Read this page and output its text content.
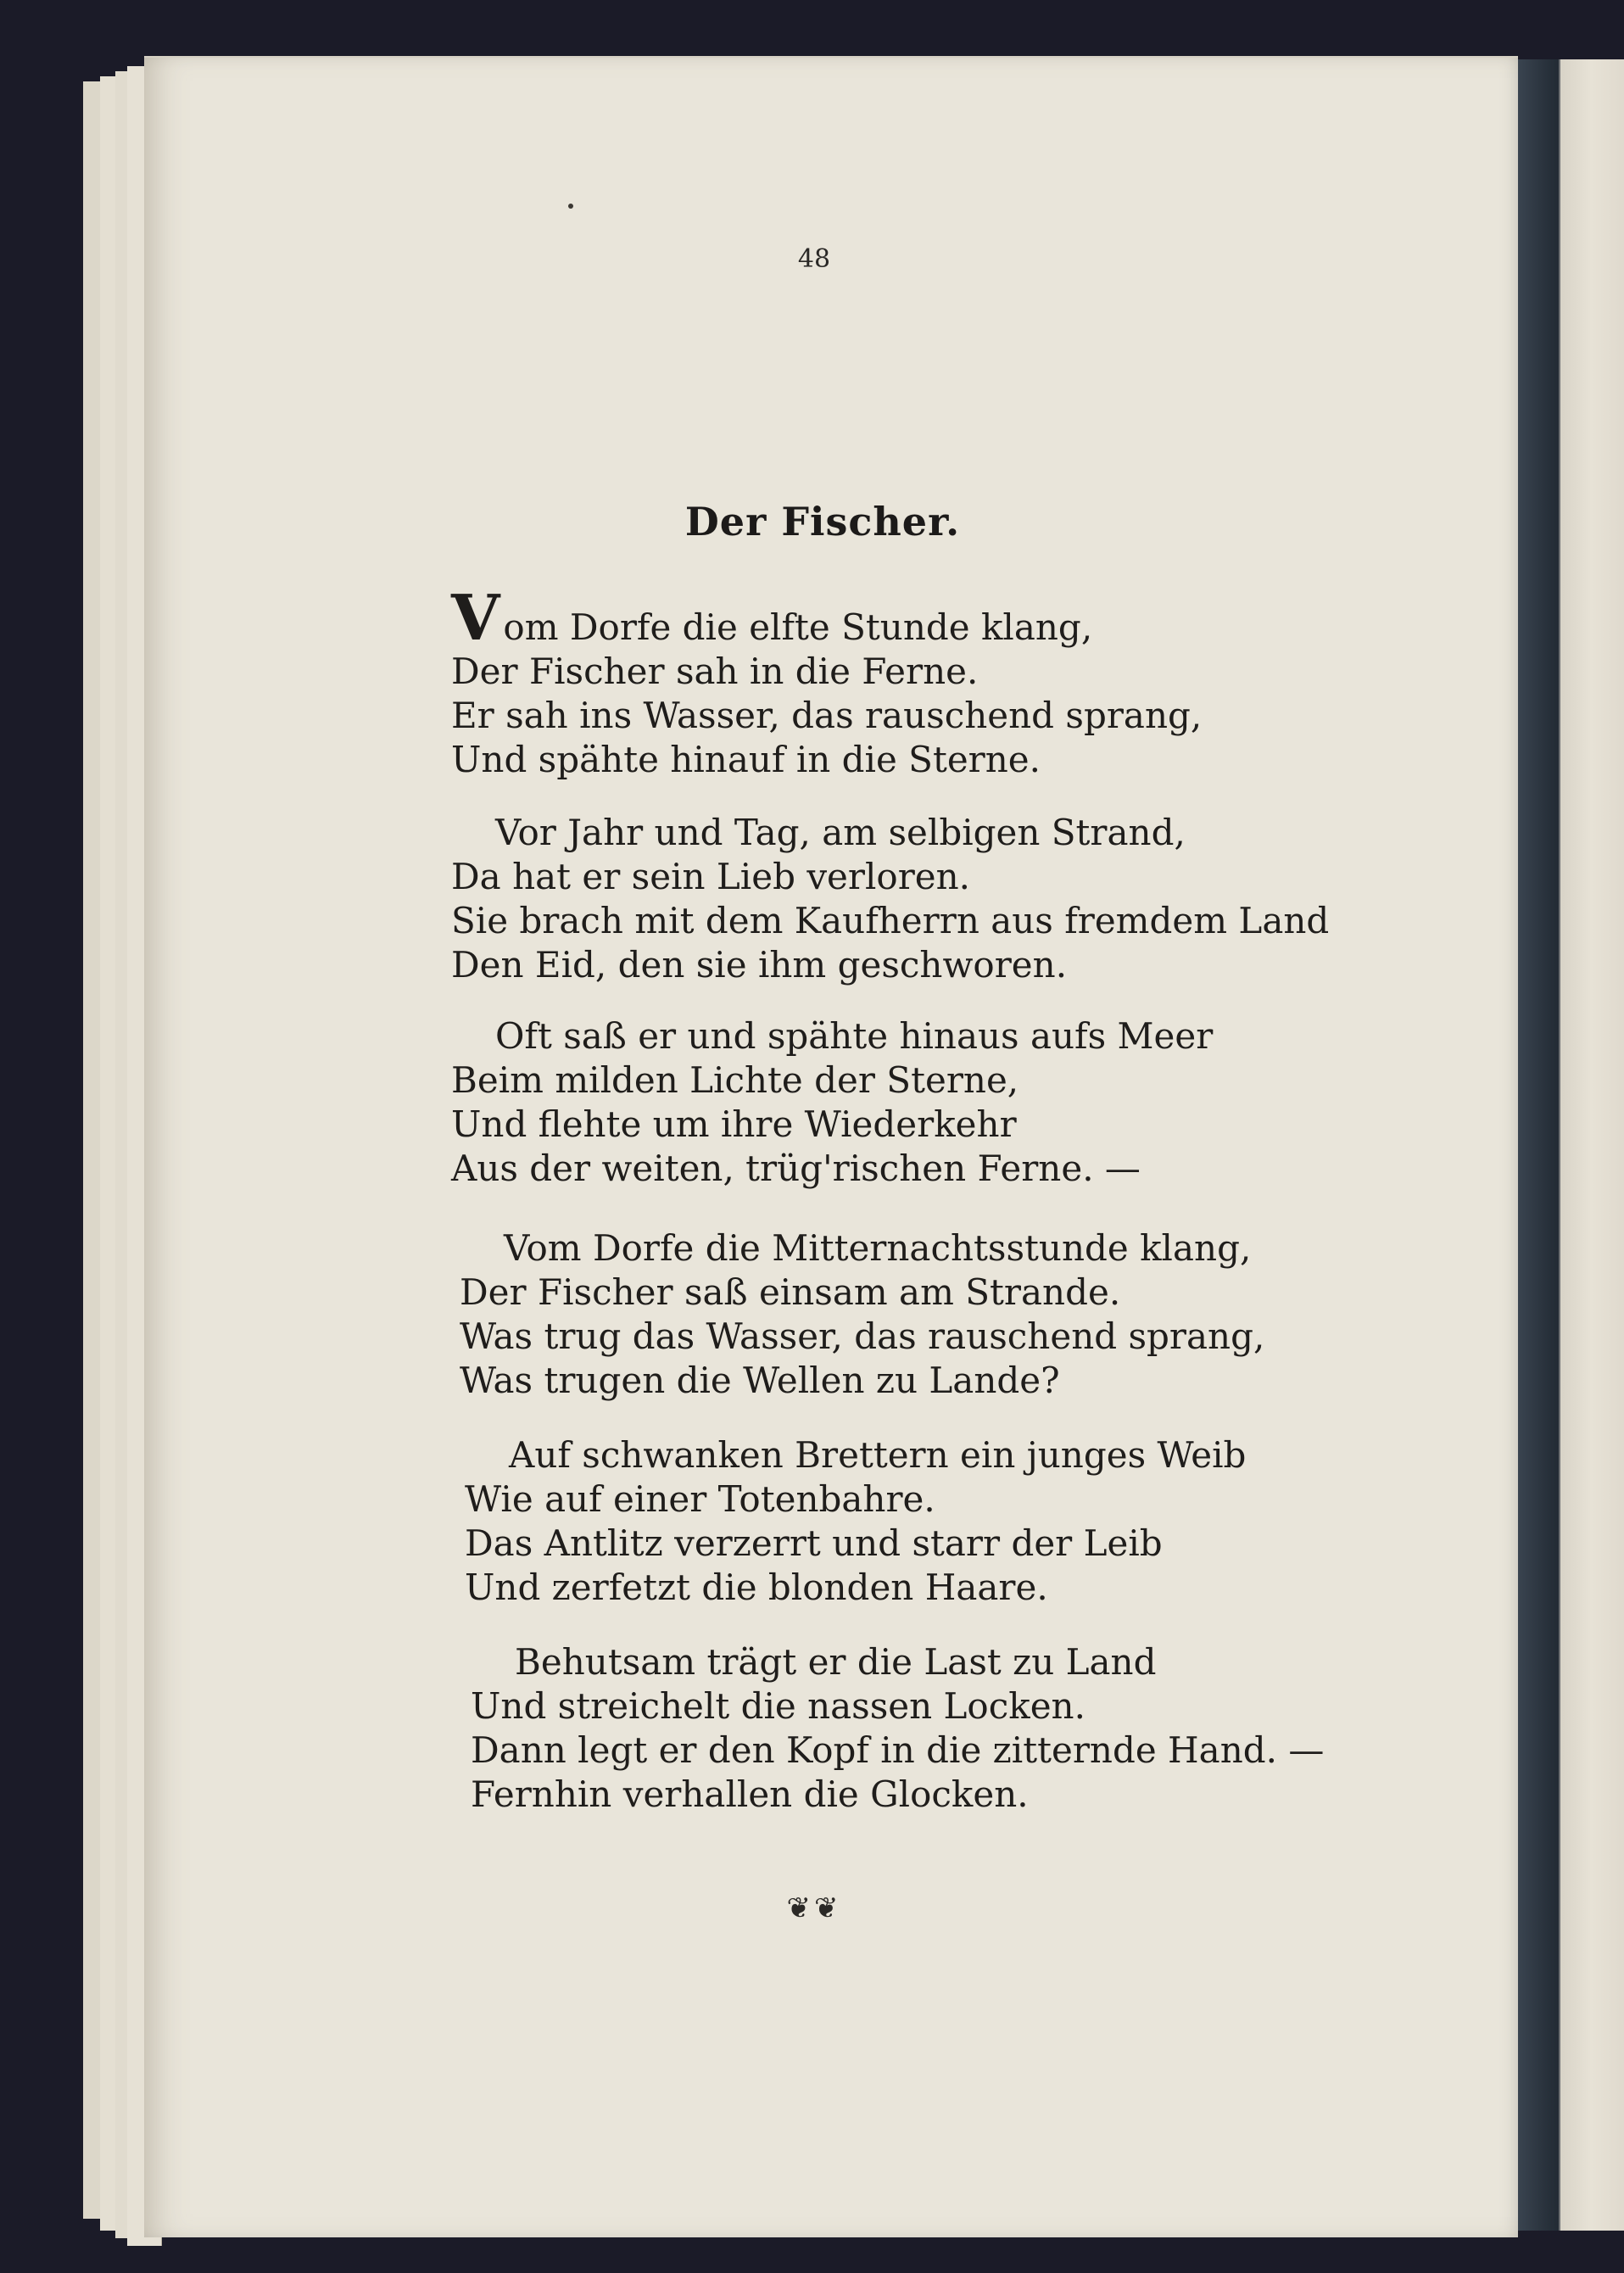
48
Der Fischer.
Vom Dorfe die elfte Stunde klang,
Der Fischer sah in die Ferne.
Er sah ins Wasser, das rauschend sprang,
Und spähte hinauf in die Sterne.
Vor Jahr und Tag, am selbigen Strand,
Da hat er sein Lieb verloren.
Sie brach mit dem Kaufherrn aus fremdem Land
Den Eid, den sie ihm geschworen.
Oft saß er und spähte hinaus aufs Meer
Beim milden Lichte der Sterne,
Und flehte um ihre Wiederkehr
Aus der weiten, trüg'rischen Ferne. —
Vom Dorfe die Mitternachtsstunde klang,
Der Fischer saß einsam am Strande.
Was trug das Wasser, das rauschend sprang,
Was trugen die Wellen zu Lande?
Auf schwanken Brettern ein junges Weib
Wie auf einer Totenbahre.
Das Antlitz verzerrt und starr der Leib
Und zerfetzt die blonden Haare.
Behutsam trägt er die Last zu Land
Und streichelt die nassen Locken.
Dann legt er den Kopf in die zitternde Hand. —
Fernhin verhallen die Glocken.
❦❦
